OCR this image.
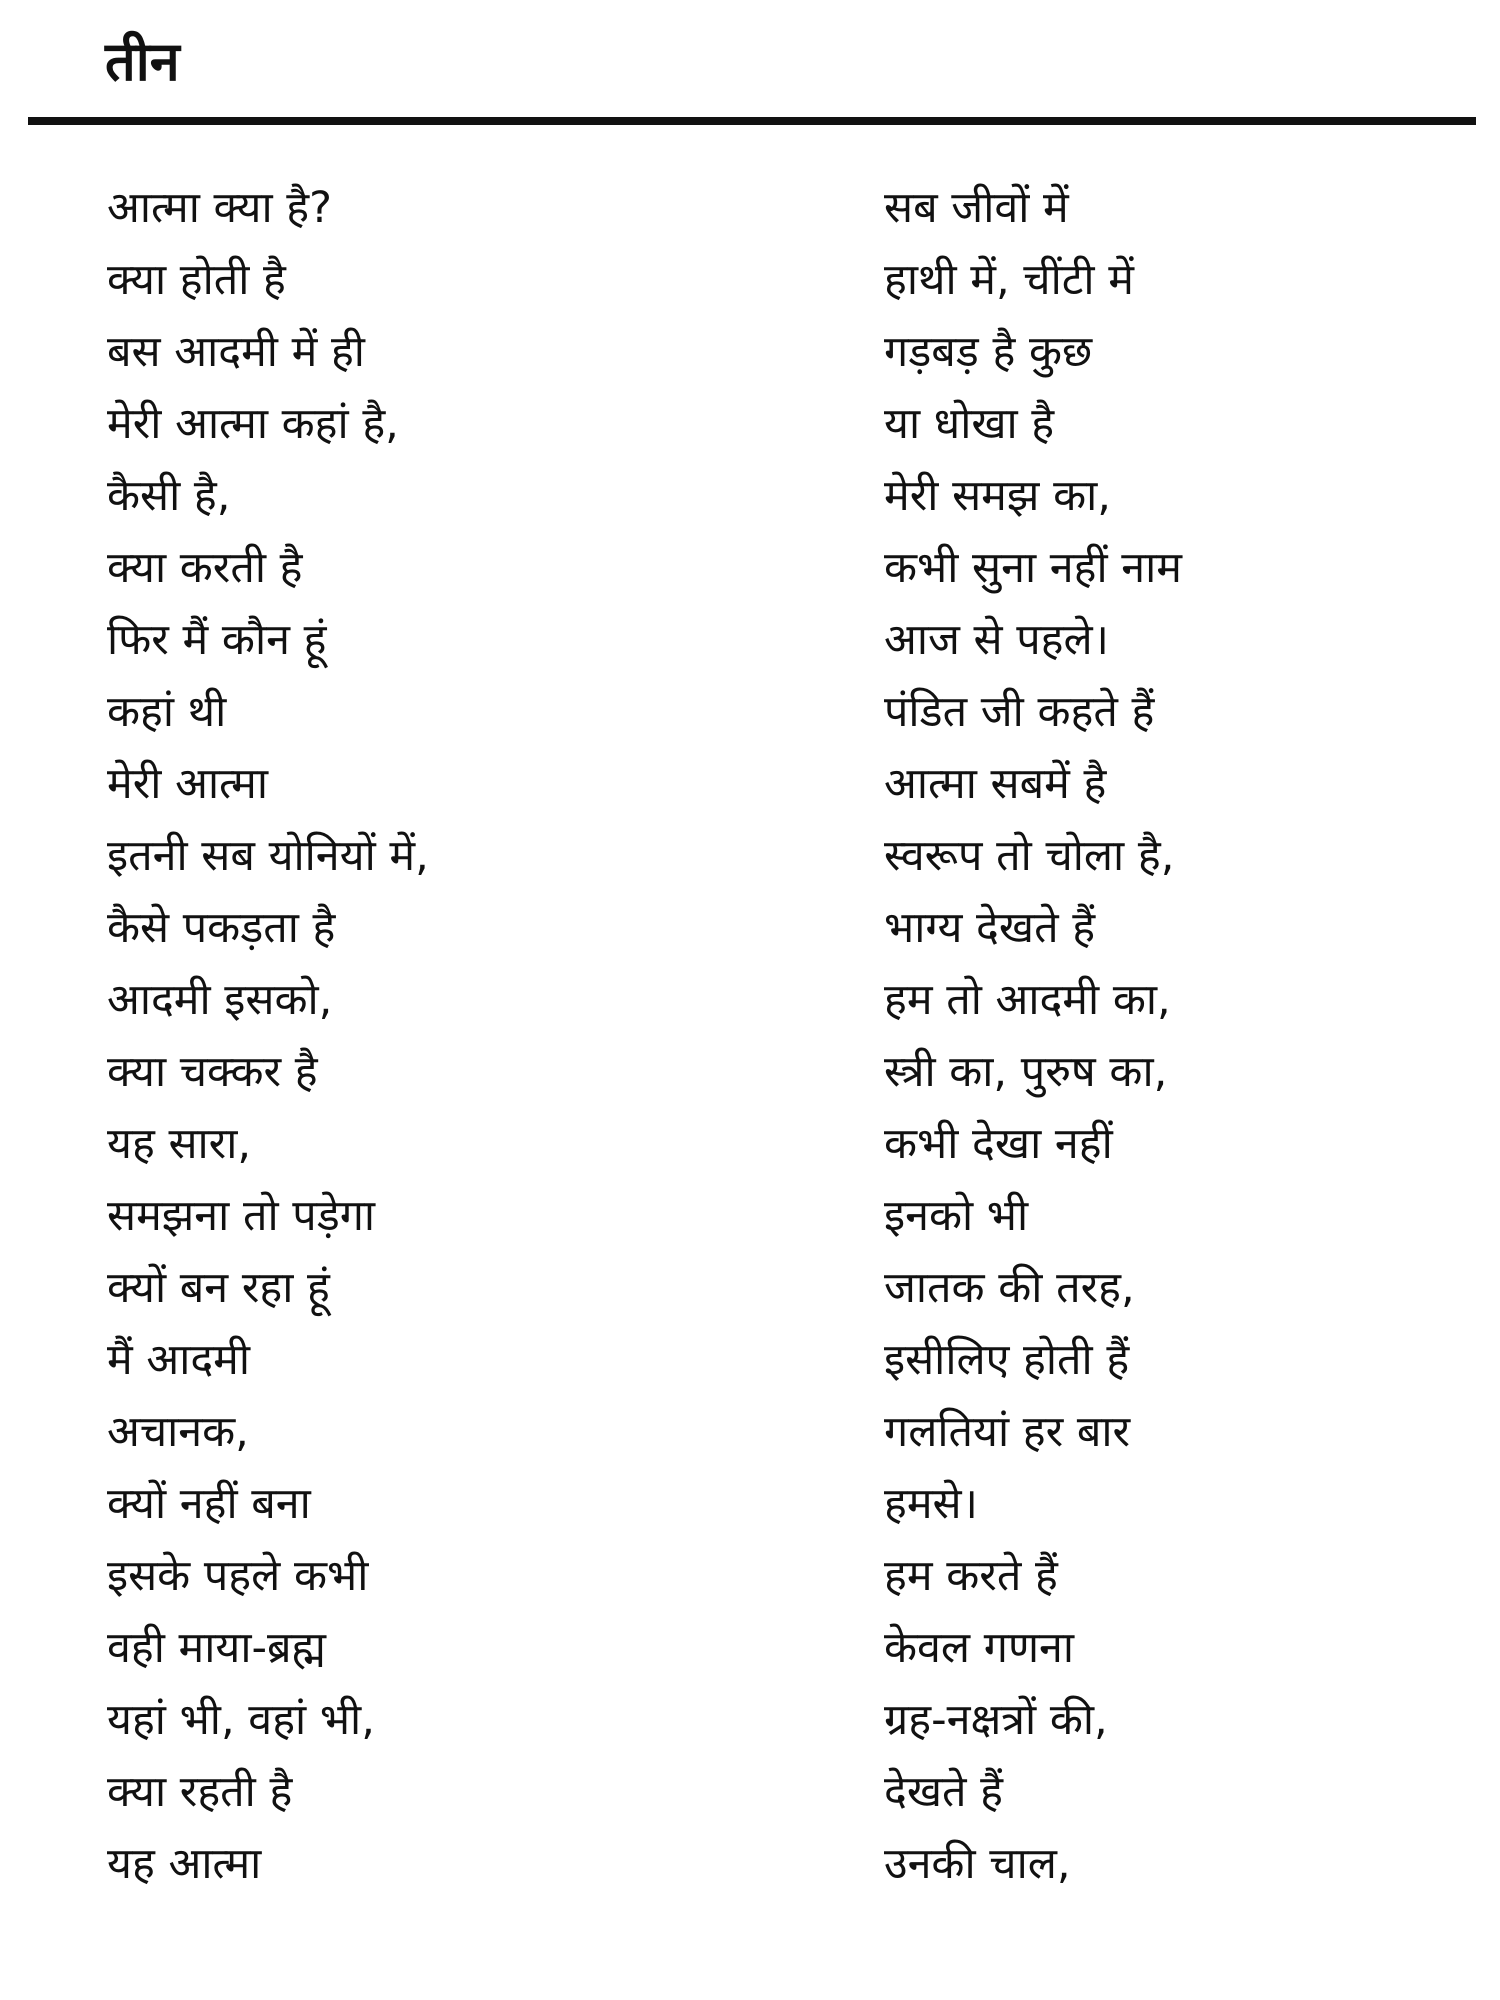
तीन
आत्मा क्या है?
क्या होती है
बस आदमी में ही
मेरी आत्मा कहां है,
कैसी है,
क्या करती है
फिर मैं कौन हूं
कहां थी
मेरी आत्मा
इतनी सब योनियों में,
कैसे पकड़ता है
आदमी इसको,
क्या चक्कर है
यह सारा,
समझना तो पड़ेगा
क्यों बन रहा हूं
मैं आदमी
अचानक,
क्यों नहीं बना
इसके पहले कभी
वही माया-ब्रह्म
यहां भी, वहां भी,
क्या रहती है
यह आत्मा
सब जीवों में
हाथी में, चींटी में
गड़बड़ है कुछ
या धोखा है
मेरी समझ का,
कभी सुना नहीं नाम
आज से पहले।
पंडित जी कहते हैं
आत्मा सबमें है
स्वरूप तो चोला है,
भाग्य देखते हैं
हम तो आदमी का,
स्त्री का, पुरुष का,
कभी देखा नहीं
इनको भी
जातक की तरह,
इसीलिए होती हैं
गलतियां हर बार
हमसे।
हम करते हैं
केवल गणना
ग्रह-नक्षत्रों की,
देखते हैं
उनकी चाल,
